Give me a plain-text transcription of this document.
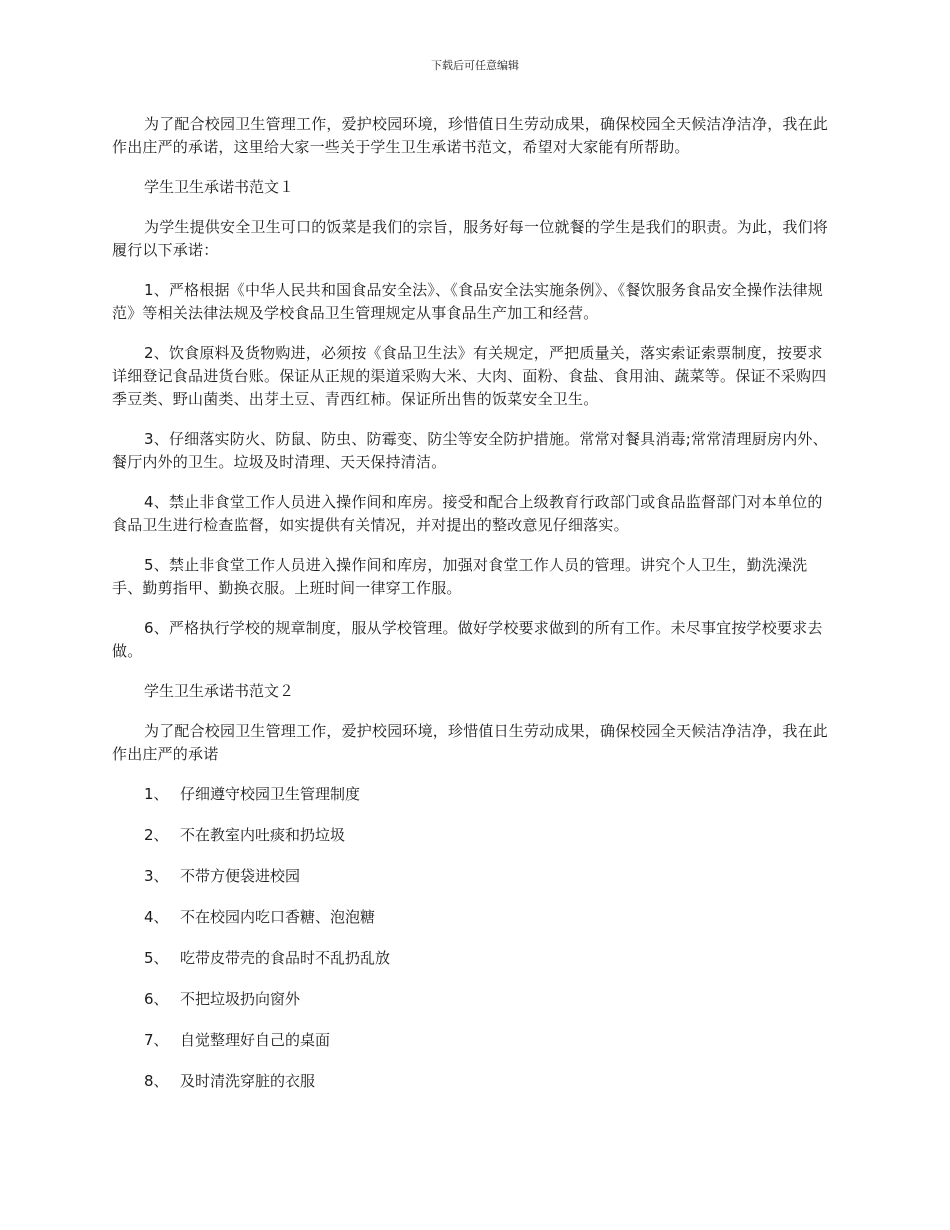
下载后可任意编辑

为了配合校园卫生管理工作，爱护校园环境，珍惜值日生劳动成果，确保校园全天候洁净洁净，我在此作出庄严的承诺，这里给大家一些关于学生卫生承诺书范文，希望对大家能有所帮助。

学生卫生承诺书范文１

为学生提供安全卫生可口的饭菜是我们的宗旨，服务好每一位就餐的学生是我们的职责。为此，我们将履行以下承诺：

1、严格根据《中华人民共和国食品安全法》、《食品安全法实施条例》、《餐饮服务食品安全操作法律规范》等相关法律法规及学校食品卫生管理规定从事食品生产加工和经营。

2、饮食原料及货物购进，必须按《食品卫生法》有关规定，严把质量关，落实索证索票制度，按要求详细登记食品进货台账。保证从正规的渠道采购大米、大肉、面粉、食盐、食用油、蔬菜等。保证不采购四季豆类、野山菌类、出芽土豆、青西红柿。保证所出售的饭菜安全卫生。

3、仔细落实防火、防鼠、防虫、防霉变、防尘等安全防护措施。常常对餐具消毒;常常清理厨房内外、餐厅内外的卫生。垃圾及时清理、天天保持清洁。

4、禁止非食堂工作人员进入操作间和库房。接受和配合上级教育行政部门或食品监督部门对本单位的食品卫生进行检查监督，如实提供有关情况，并对提出的整改意见仔细落实。

5、禁止非食堂工作人员进入操作间和库房，加强对食堂工作人员的管理。讲究个人卫生，勤洗澡洗手、勤剪指甲、勤换衣服。上班时间一律穿工作服。

6、严格执行学校的规章制度，服从学校管理。做好学校要求做到的所有工作。未尽事宜按学校要求去做。

学生卫生承诺书范文２

为了配合校园卫生管理工作，爱护校园环境，珍惜值日生劳动成果，确保校园全天候洁净洁净，我在此作出庄严的承诺

1、 仔细遵守校园卫生管理制度
2、 不在教室内吐痰和扔垃圾
3、 不带方便袋进校园
4、 不在校园内吃口香糖、泡泡糖
5、 吃带皮带壳的食品时不乱扔乱放
6、 不把垃圾扔向窗外
7、 自觉整理好自己的桌面
8、 及时清洗穿脏的衣服
